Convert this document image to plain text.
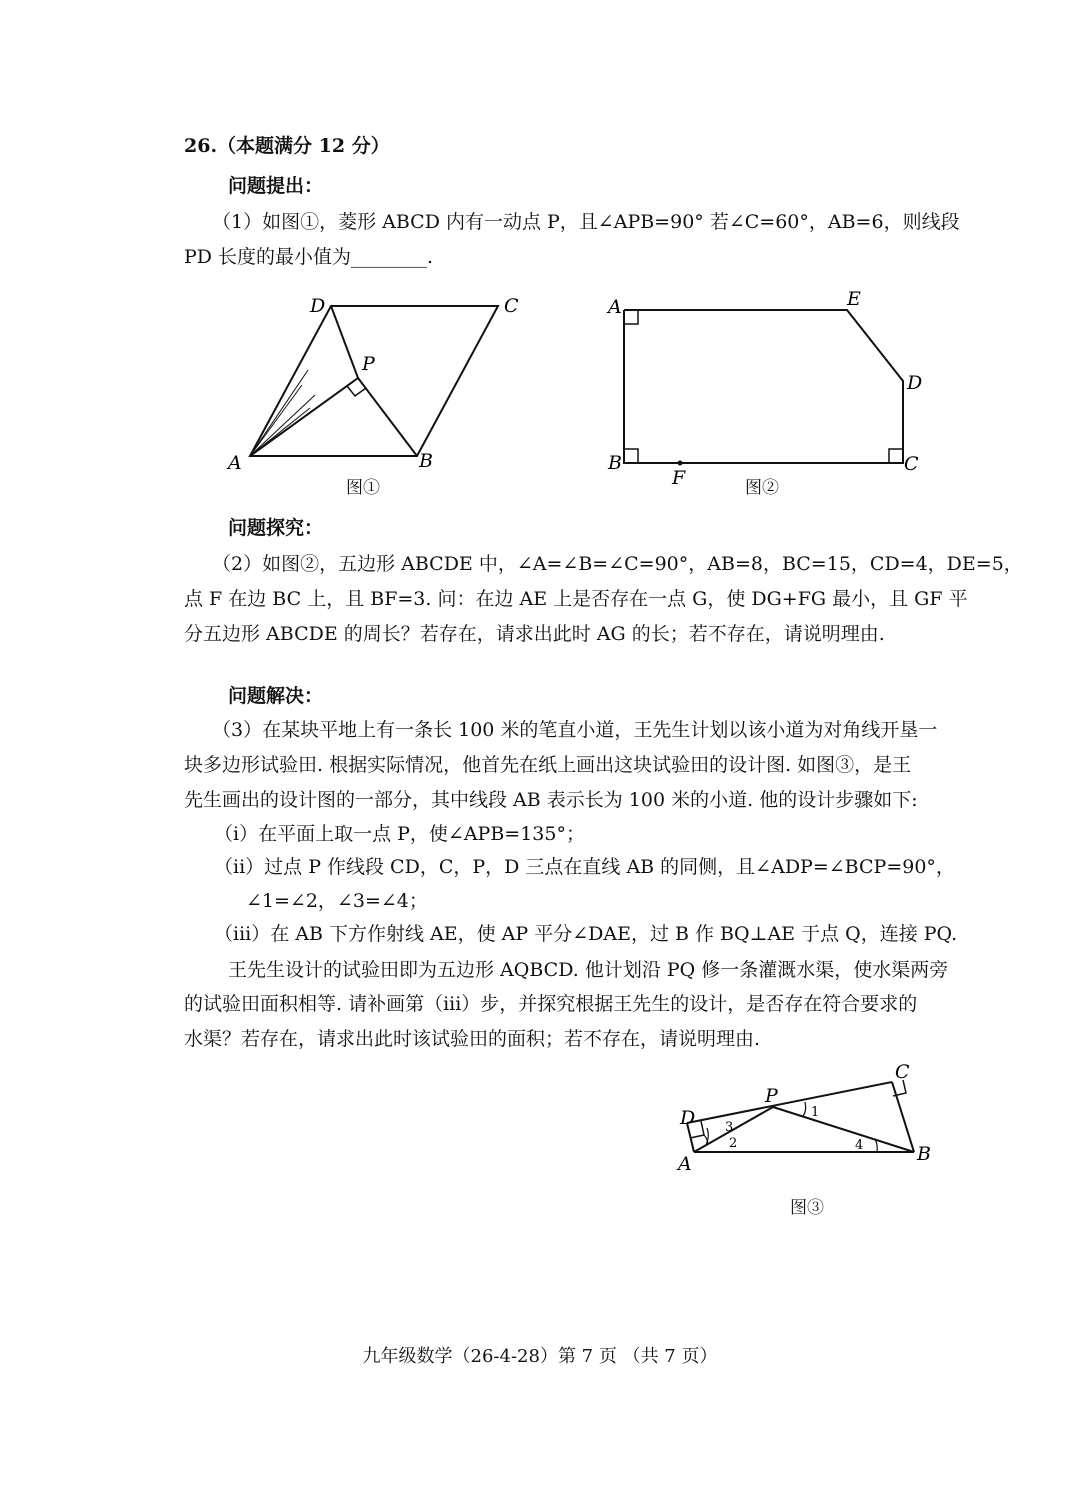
26.（本题满分 12 分）
问题提出：
（1）如图①，菱形 ABCD 内有一动点 P，且∠APB=90° 若∠C=60°，AB=6，则线段
PD 长度的最小值为________.
D	C
P
A	B
图①
A	E
D
B	C
F	图②
问题探究：
（2）如图②，五边形 ABCDE 中，∠A=∠B=∠C=90°，AB=8，BC=15，CD=4，DE=5，
点 F 在边 BC 上，且 BF=3. 问：在边 AE 上是否存在一点 G，使 DG+FG 最小，且 GF 平
分五边形 ABCDE 的周长？若存在，请求出此时 AG 的长；若不存在，请说明理由.
问题解决：
（3）在某块平地上有一条长 100 米的笔直小道，王先生计划以该小道为对角线开垦一
块多边形试验田. 根据实际情况，他首先在纸上画出这块试验田的设计图. 如图③，是王
先生画出的设计图的一部分，其中线段 AB 表示长为 100 米的小道. 他的设计步骤如下:
（i）在平面上取一点 P，使∠APB=135°；
（ii）过点 P 作线段 CD，C，P，D 三点在直线 AB 的同侧，且∠ADP=∠BCP=90°，
∠1=∠2，∠3=∠4；
（iii）在 AB 下方作射线 AE，使 AP 平分∠DAE，过 B 作 BQ⊥AE 于点 Q，连接 PQ.
王先生设计的试验田即为五边形 AQBCD. 他计划沿 PQ 修一条灌溉水渠，使水渠两旁
的试验田面积相等. 请补画第（iii）步，并探究根据王先生的设计，是否存在符合要求的
水渠？若存在，请求出此时该试验田的面积；若不存在，请说明理由.
D
P
C
A	B
3
2
1
4
图③
九年级数学（26-4-28）第 7 页 （共 7 页）
